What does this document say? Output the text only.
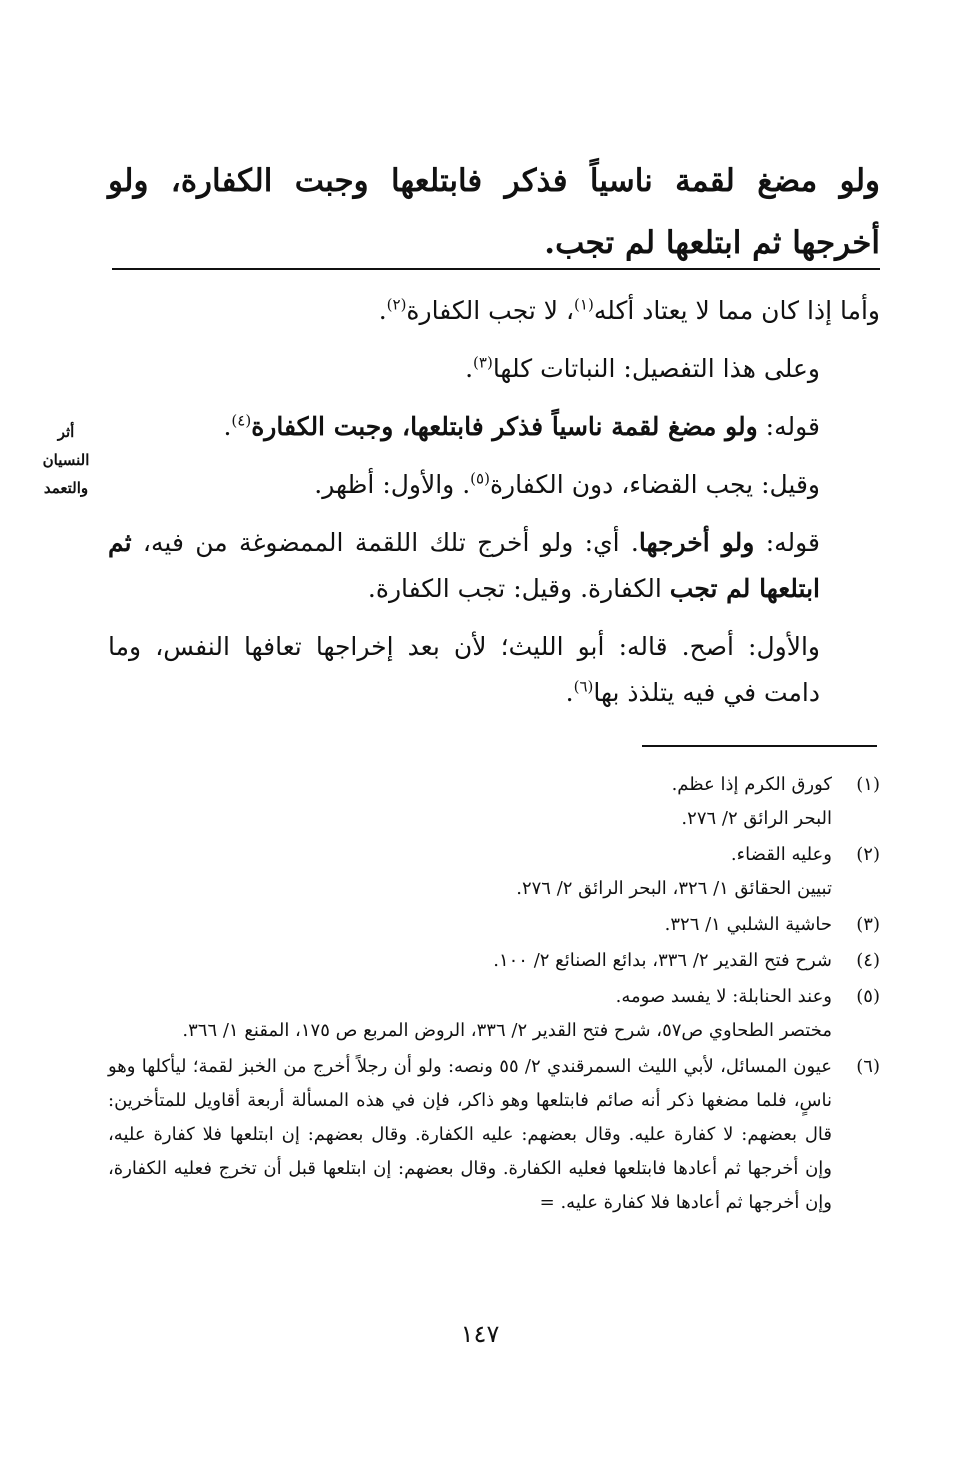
ولو مضغ لقمة ناسياً فذكر فابتلعها وجبت الكفارة، ولو أخرجها ثم ابتلعها لم تجب.

وأما إذا كان مما لا يعتاد أكله$^{(١)}$، لا تجب الكفارة$^{(٢)}$.

وعلى هذا التفصيل: النباتات كلها$^{(٣)}$.

قوله: ولو مضغ لقمة ناسياً فذكر فابتلعها، وجبت الكفارة$^{(٤)}$.

وقيل: يجب القضاء، دون الكفارة$^{(٥)}$. والأول: أظهر.

قوله: ولو أخرجها. أي: ولو أخرج تلك اللقمة الممضوغة من فيه، ثم ابتلعها لم تجب الكفارة. وقيل: تجب الكفارة.

والأول: أصح. قاله: أبو الليث؛ لأن بعد إخراجها تعافها النفس، وما دامت في فيه يتلذذ بها$^{(٦)}$.

أثر
النسيان
والتعمد
(١)
كورق الكرم إذا عظم.
البحر الرائق ٢/ ٢٧٦.
(٢)
وعليه القضاء.
تبيين الحقائق ١/ ٣٢٦، البحر الرائق ٢/ ٢٧٦.
(٣)
حاشية الشلبي ١/ ٣٢٦.
(٤)
شرح فتح القدير ٢/ ٣٣٦، بدائع الصنائع ٢/ ١٠٠.
(٥)
وعند الحنابلة: لا يفسد صومه.
مختصر الطحاوي ص٥٧، شرح فتح القدير ٢/ ٣٣٦، الروض المربع ص ١٧٥، المقنع ١/ ٣٦٦.
(٦)
عيون المسائل، لأبي الليث السمرقندي ٢/ ٥٥ ونصه: ولو أن رجلاً أخرج من الخبز لقمة؛ ليأكلها وهو ناسٍ، فلما مضغها ذكر أنه صائم فابتلعها وهو ذاكر، فإن في هذه المسألة أربعة أقاويل للمتأخرين: قال بعضهم: لا كفارة عليه. وقال بعضهم: عليه الكفارة. وقال بعضهم: إن ابتلعها فلا كفارة عليه، وإن أخرجها ثم أعادها فابتلعها فعليه الكفارة. وقال بعضهم: إن ابتلعها قبل أن تخرج فعليه الكفارة، وإن أخرجها ثم أعادها فلا كفارة عليه. =
١٤٧
